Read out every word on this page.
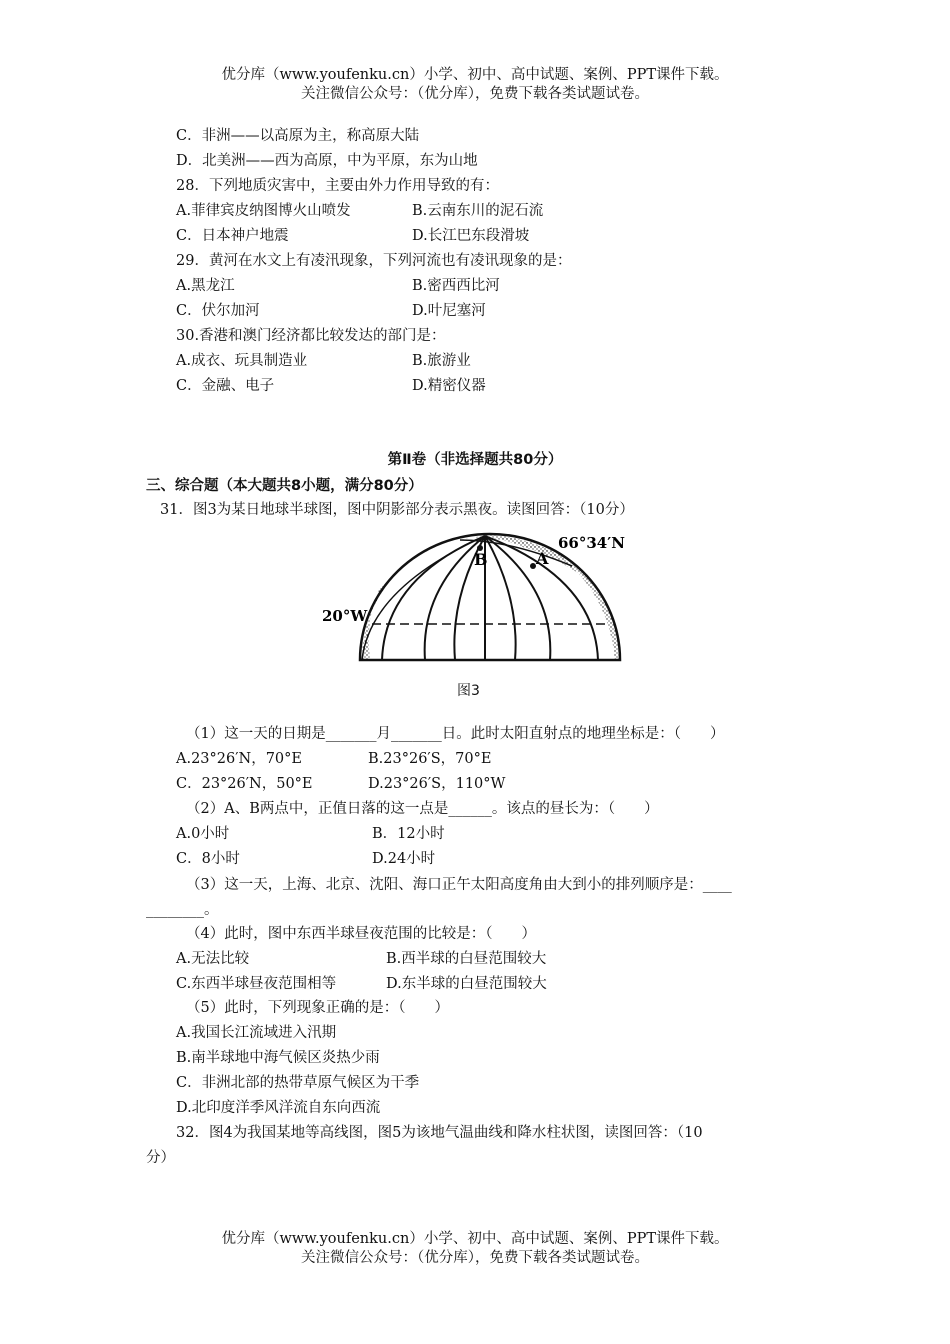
优分库（www.youfenku.cn）小学、初中、高中试题、案例、PPT课件下载。
关注微信公众号：（优分库），免费下载各类试题试卷。
C．非洲——以高原为主，称高原大陆
D．北美洲——西为高原，中为平原，东为山地
28．下列地质灾害中，主要由外力作用导致的有：
A.菲律宾皮纳图博火山喷发	B.云南东川的泥石流
C．日本神户地震	D.长江巴东段滑坡
29．黄河在水文上有凌汛现象，下列河流也有凌讯现象的是：
A.黑龙江	B.密西西比河
C．伏尔加河	D.叶尼塞河
30.香港和澳门经济都比较发达的部门是：
A.成衣、玩具制造业	B.旅游业
C．金融、电子	D.精密仪器
第Ⅱ卷（非选择题共80分）
三、综合题（本大题共8小题，满分80分）
31．图3为某日地球半球图，图中阴影部分表示黑夜。读图回答：（10分）
B	A
66°34′N
20°W
图3
（1）这一天的日期是_______月_______日。此时太阳直射点的地理坐标是：（　　）
A.23°26′N，70°E	B.23°26′S，70°E
C．23°26′N，50°E	D.23°26′S，110°W
（2）A、B两点中，正值日落的这一点是______。该点的昼长为：（　　）
A.0小时	B．12小时
C．8小时	D.24小时
（3）这一天，上海、北京、沈阳、海口正午太阳高度角由大到小的排列顺序是：____
________。
（4）此时，图中东西半球昼夜范围的比较是：（　　）
A.无法比较	B.西半球的白昼范围较大
C.东西半球昼夜范围相等	D.东半球的白昼范围较大
（5）此时，下列现象正确的是：（　　）
A.我国长江流域进入汛期
B.南半球地中海气候区炎热少雨
C．非洲北部的热带草原气候区为干季
D.北印度洋季风洋流自东向西流
32．图4为我国某地等高线图，图5为该地气温曲线和降水柱状图，读图回答：（10
分）
优分库（www.youfenku.cn）小学、初中、高中试题、案例、PPT课件下载。
关注微信公众号：（优分库），免费下载各类试题试卷。
